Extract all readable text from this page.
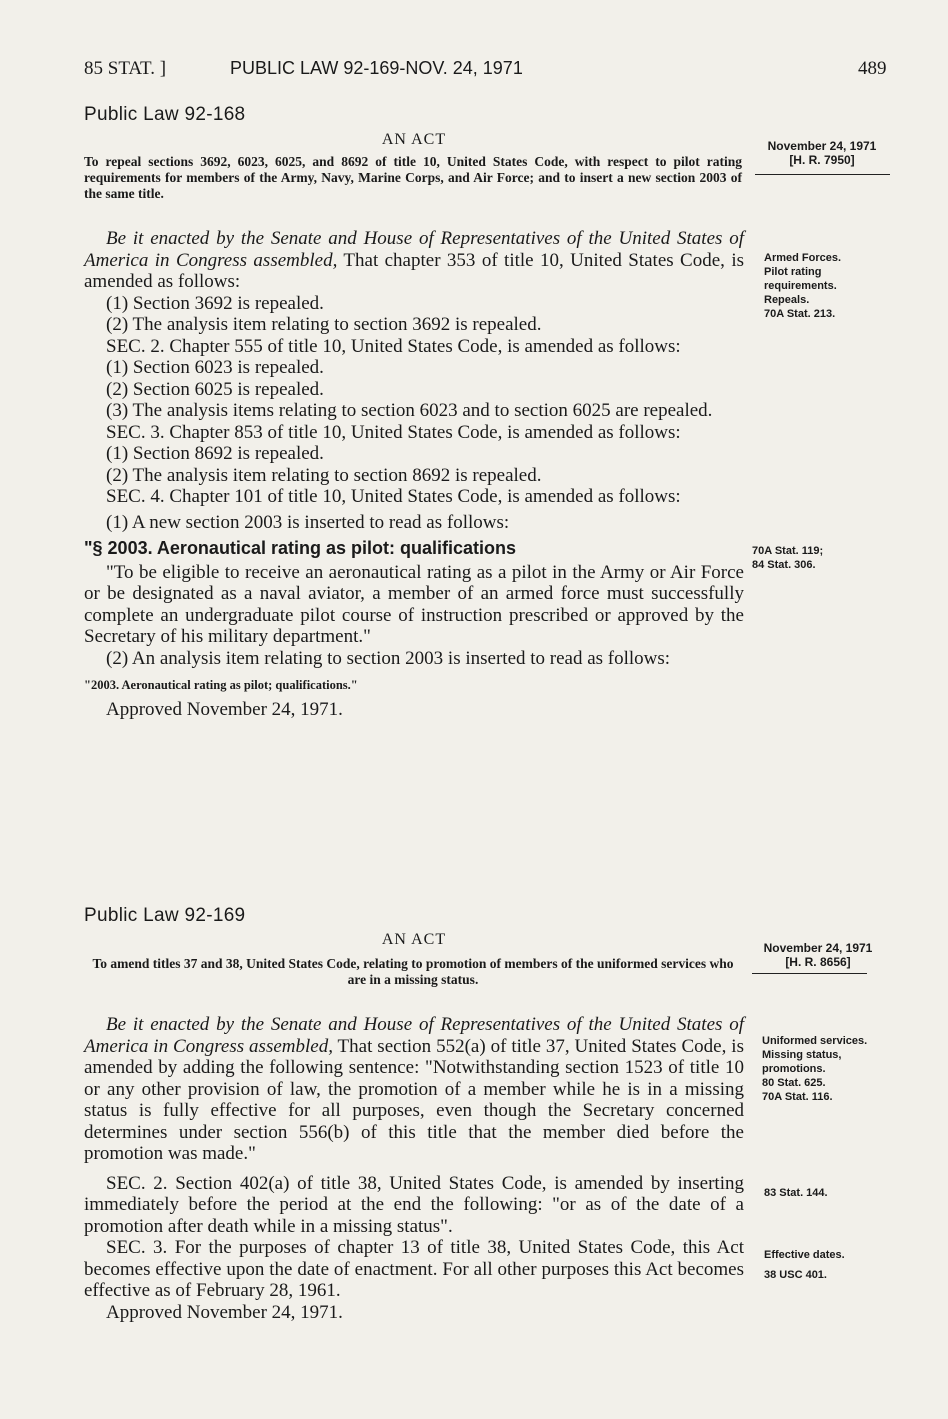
85 STAT. ]	PUBLIC LAW 92-169-NOV. 24, 1971	489
Public Law 92-168
AN ACT
To repeal sections 3692, 6023, 6025, and 8692 of title 10, United States Code, with respect to pilot rating requirements for members of the Army, Navy, Marine Corps, and Air Force; and to insert a new section 2003 of the same title.
November 24, 1971
[H. R. 7950]

Be it enacted by the Senate and House of Representatives of the United States of America in Congress assembled, That chapter 353 of title 10, United States Code, is amended as follows:

(1) Section 3692 is repealed.

(2) The analysis item relating to section 3692 is repealed.

SEC. 2. Chapter 555 of title 10, United States Code, is amended as follows:

(1) Section 6023 is repealed.

(2) Section 6025 is repealed.

(3) The analysis items relating to section 6023 and to section 6025 are repealed.

SEC. 3. Chapter 853 of title 10, United States Code, is amended as follows:

(1) Section 8692 is repealed.

(2) The analysis item relating to section 8692 is repealed.

SEC. 4. Chapter 101 of title 10, United States Code, is amended as follows:

(1) A new section 2003 is inserted to read as follows:

"§ 2003. Aeronautical rating as pilot: qualifications

"To be eligible to receive an aeronautical rating as a pilot in the Army or Air Force or be designated as a naval aviator, a member of an armed force must successfully complete an undergraduate pilot course of instruction prescribed or approved by the Secretary of his military department."

(2) An analysis item relating to section 2003 is inserted to read as follows:

"2003. Aeronautical rating as pilot; qualifications."

Approved November 24, 1971.

Armed Forces.
Pilot rating requirements.
Repeals.
70A Stat. 213.
70A Stat. 119;
84 Stat. 306.
Public Law 92-169
AN ACT
To amend titles 37 and 38, United States Code, relating to promotion of members of the uniformed services who are in a missing status.
November 24, 1971
[H. R. 8656]

Be it enacted by the Senate and House of Representatives of the United States of America in Congress assembled, That section 552(a) of title 37, United States Code, is amended by adding the following sentence: "Notwithstanding section 1523 of title 10 or any other provision of law, the promotion of a member while he is in a missing status is fully effective for all purposes, even though the Secretary concerned determines under section 556(b) of this title that the member died before the promotion was made."

SEC. 2. Section 402(a) of title 38, United States Code, is amended by inserting immediately before the period at the end the following: "or as of the date of a promotion after death while in a missing status".

SEC. 3. For the purposes of chapter 13 of title 38, United States Code, this Act becomes effective upon the date of enactment. For all other purposes this Act becomes effective as of February 28, 1961.

Approved November 24, 1971.

Uniformed services.
Missing status, promotions.
80 Stat. 625.
70A Stat. 116.
83 Stat. 144.
Effective dates.
38 USC 401.
